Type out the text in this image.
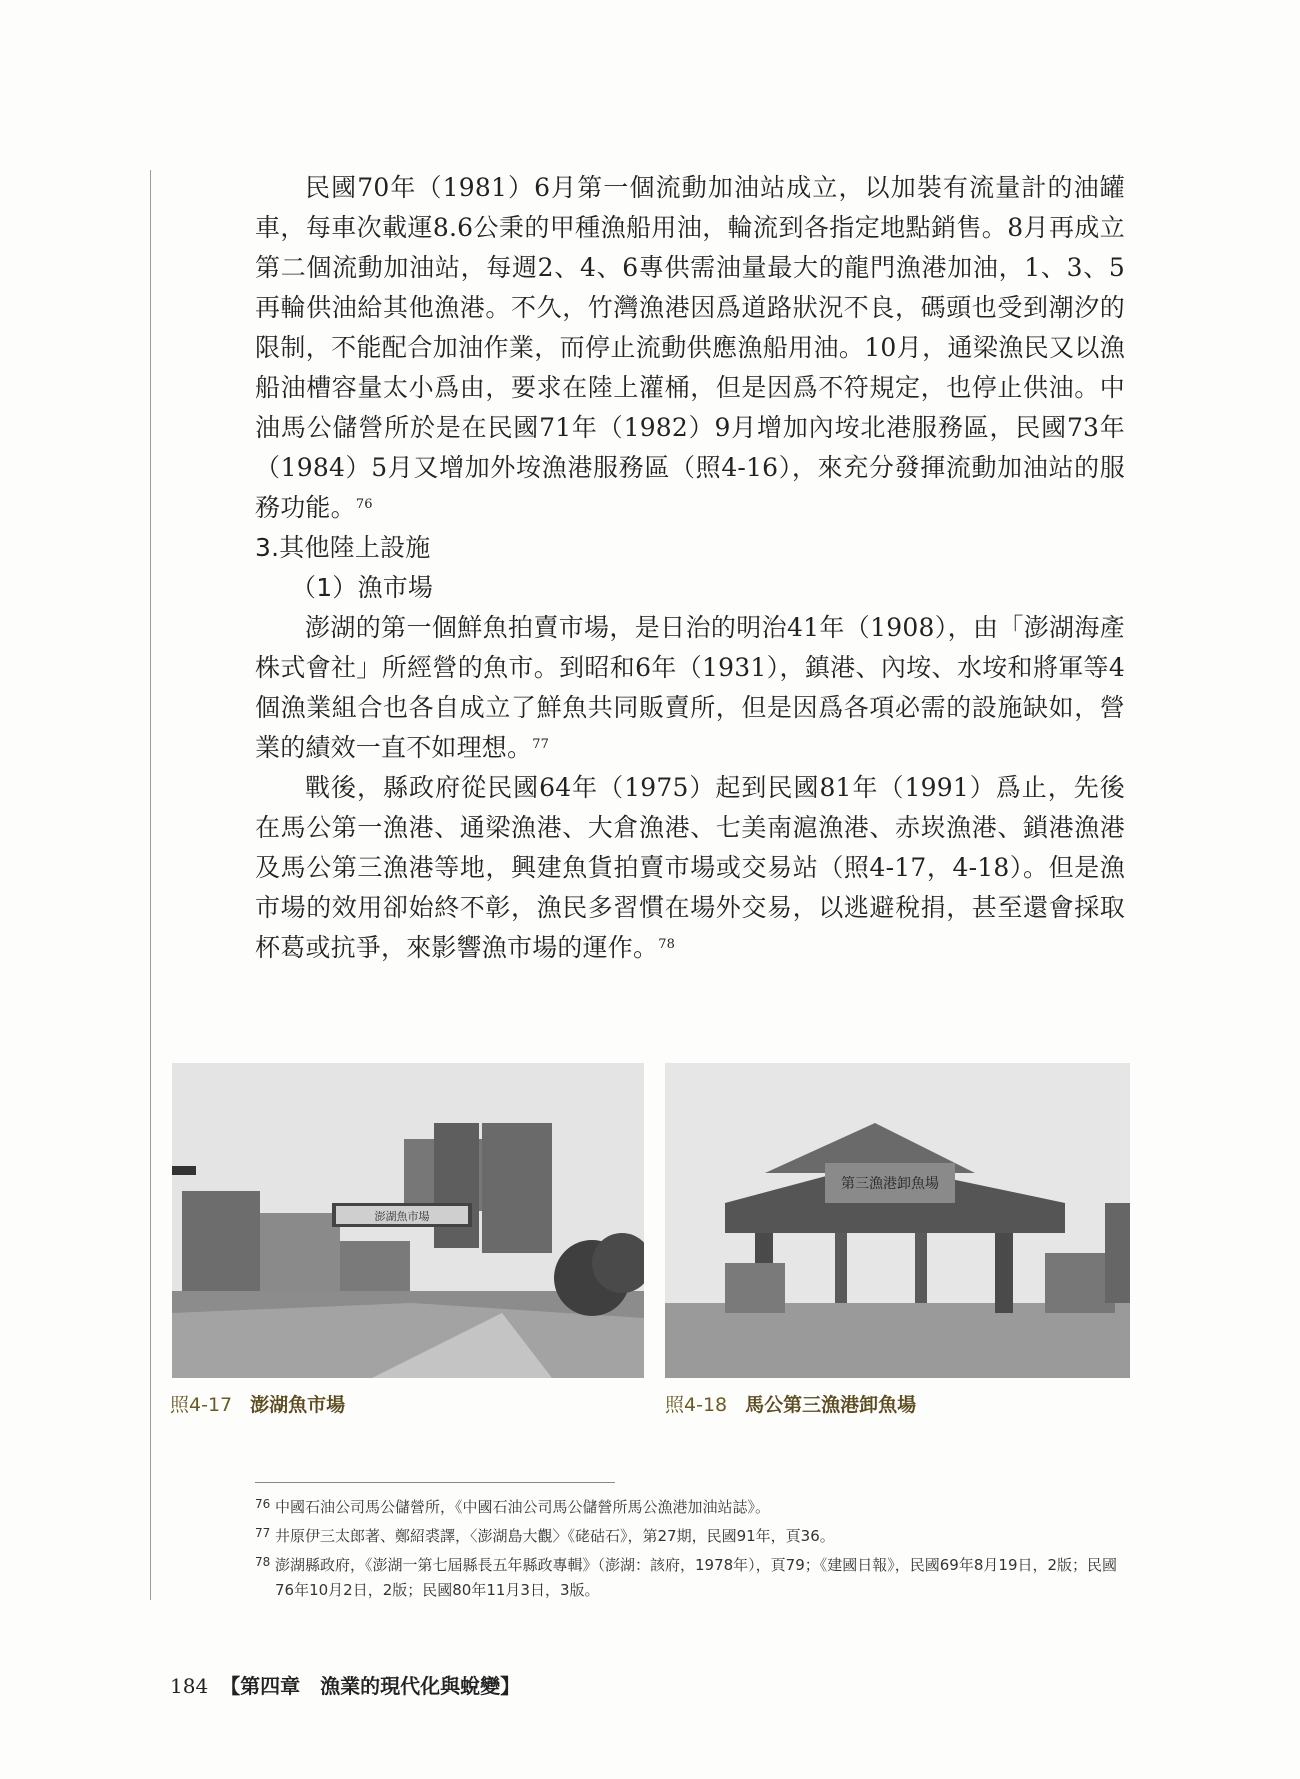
民國70年（1981）6月第一個流動加油站成立，以加裝有流量計的油罐車，每車次載運8.6公秉的甲種漁船用油，輪流到各指定地點銷售。8月再成立第二個流動加油站，每週2、4、6專供需油量最大的龍門漁港加油，1、3、5再輪供油給其他漁港。不久，竹灣漁港因爲道路狀況不良，碼頭也受到潮汐的限制，不能配合加油作業，而停止流動供應漁船用油。10月，通梁漁民又以漁船油槽容量太小爲由，要求在陸上灌桶，但是因爲不符規定，也停止供油。中油馬公儲營所於是在民國71年（1982）9月增加內垵北港服務區，民國73年（1984）5月又增加外垵漁港服務區（照4-16），來充分發揮流動加油站的服務功能。$^{76}$

3.其他陸上設施

（1）漁市場

澎湖的第一個鮮魚拍賣市場，是日治的明治41年（1908），由「澎湖海產株式會社」所經營的魚市。到昭和6年（1931），鎮港、內垵、水垵和將軍等4個漁業組合也各自成立了鮮魚共同販賣所，但是因爲各項必需的設施缺如，營業的績效一直不如理想。$^{77}$

戰後，縣政府從民國64年（1975）起到民國81年（1991）爲止，先後在馬公第一漁港、通梁漁港、大倉漁港、七美南滬漁港、赤崁漁港、鎖港漁港及馬公第三漁港等地，興建魚貨拍賣市場或交易站（照4-17，4-18）。但是漁市場的效用卻始終不彰，漁民多習慣在場外交易，以逃避稅捐，甚至還會採取杯葛或抗爭，來影響漁市場的運作。$^{78}$

澎湖魚市場
照4-17 澎湖魚市場
第三漁港卸魚場
照4-18 馬公第三漁港卸魚場

76 中國石油公司馬公儲營所，《中國石油公司馬公儲營所馬公漁港加油站誌》。

77 井原伊三太郎著、鄭紹裘譯，〈澎湖島大觀〉《硓𥑮石》，第27期，民國91年，頁36。

78 澎湖縣政府，《澎湖一第七屆縣長五年縣政專輯》（澎湖：該府，1978年），頁79；《建國日報》，民國69年8月19日，2版；民國76年10月2日，2版；民國80年11月3日，3版。

184 【第四章　漁業的現代化與蛻變】
